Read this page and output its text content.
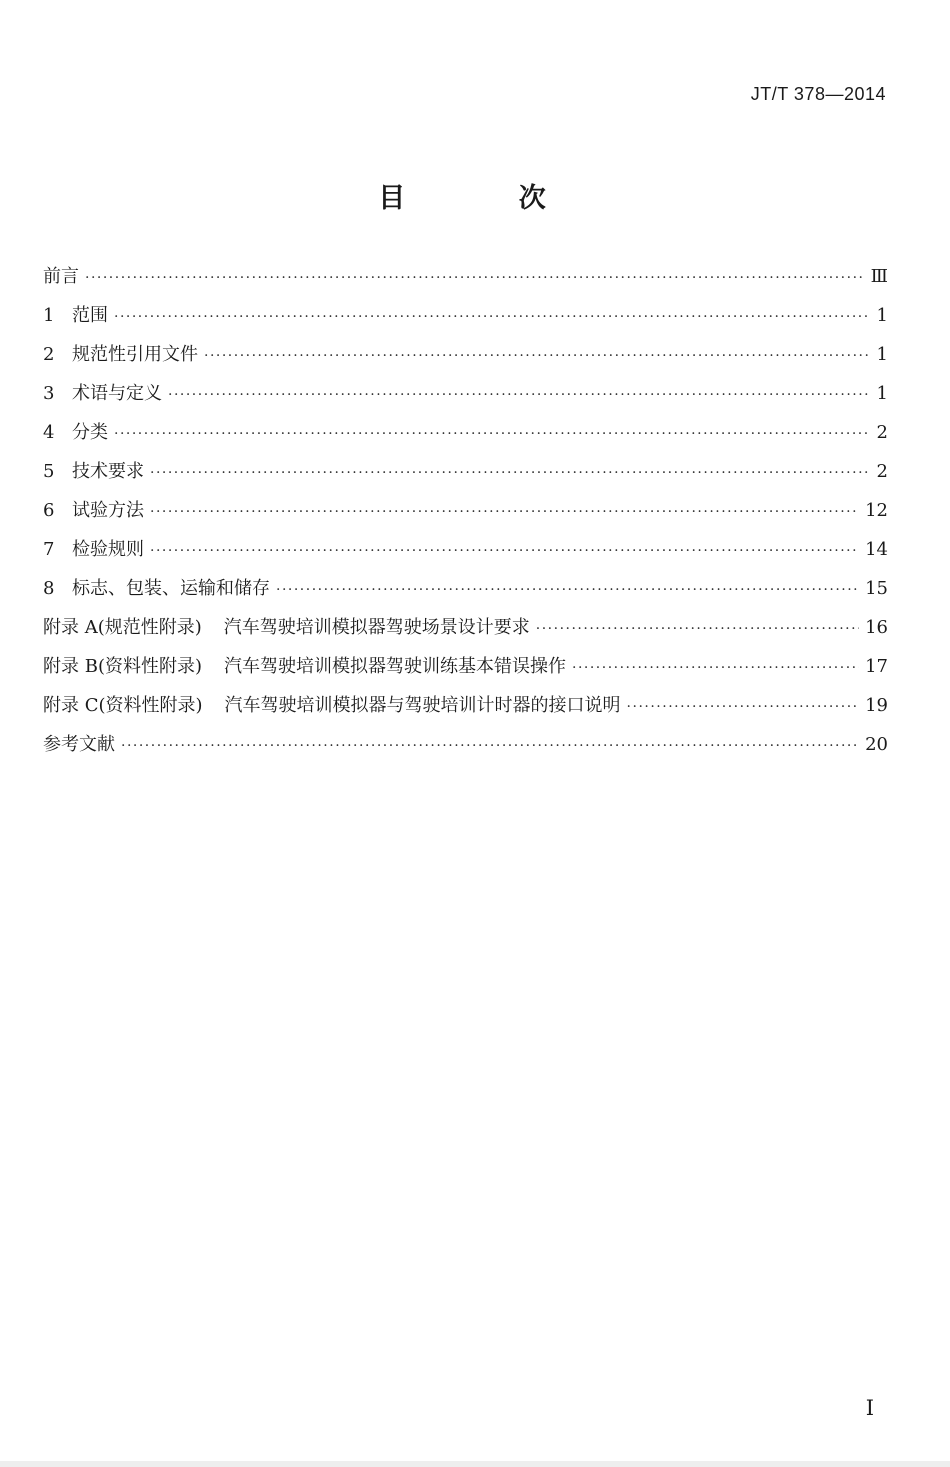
JT/T 378—2014
目 次
前言 ·····	Ⅲ
1 范围 ·····	1
2 规范性引用文件 ·····	1
3 术语与定义 ·····	1
4 分类 ·····	2
5 技术要求 ·····	2
6 试验方法 ·····	12
7 检验规则 ·····	14
8 标志、包装、运输和储存 ·····	15
附录 A(规范性附录) 汽车驾驶培训模拟器驾驶场景设计要求 ·····	16
附录 B(资料性附录) 汽车驾驶培训模拟器驾驶训练基本错误操作 ·····	17
附录 C(资料性附录) 汽车驾驶培训模拟器与驾驶培训计时器的接口说明 ·····	19
参考文献 ·····	20
I
